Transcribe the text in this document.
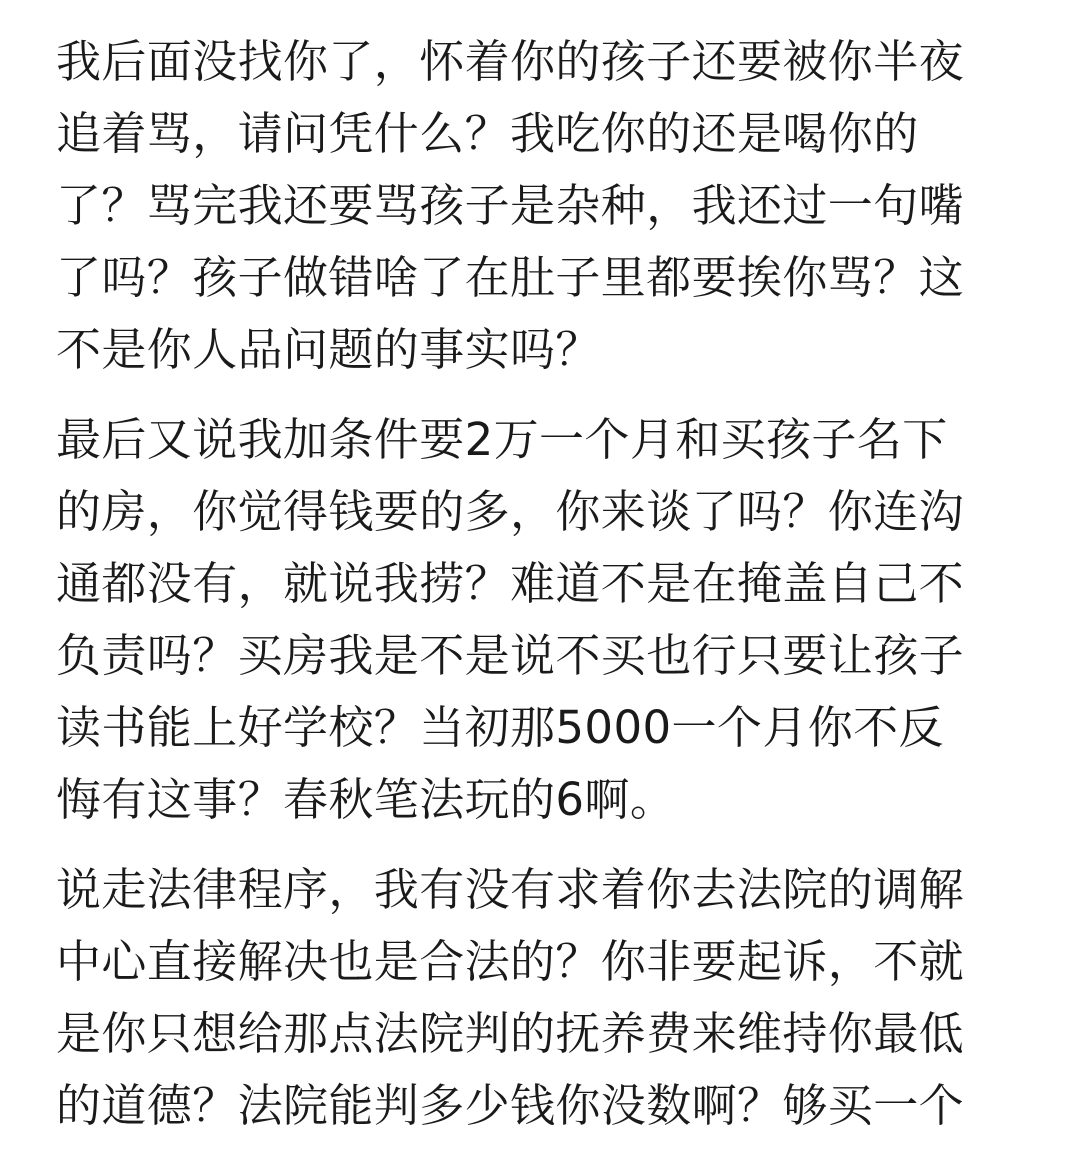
我后面没找你了，怀着你的孩子还要被你半夜
追着骂，请问凭什么？我吃你的还是喝你的
了？骂完我还要骂孩子是杂种，我还过一句嘴
了吗？孩子做错啥了在肚子里都要挨你骂？这
不是你人品问题的事实吗？
最后又说我加条件要2万一个月和买孩子名下
的房，你觉得钱要的多，你来谈了吗？你连沟
通都没有，就说我捞？难道不是在掩盖自己不
负责吗？买房我是不是说不买也行只要让孩子
读书能上好学校？当初那5000一个月你不反
悔有这事？春秋笔法玩的6啊。
说走法律程序，我有没有求着你去法院的调解
中心直接解决也是合法的？你非要起诉，不就
是你只想给那点法院判的抚养费来维持你最低
的道德？法院能判多少钱你没数啊？够买一个
